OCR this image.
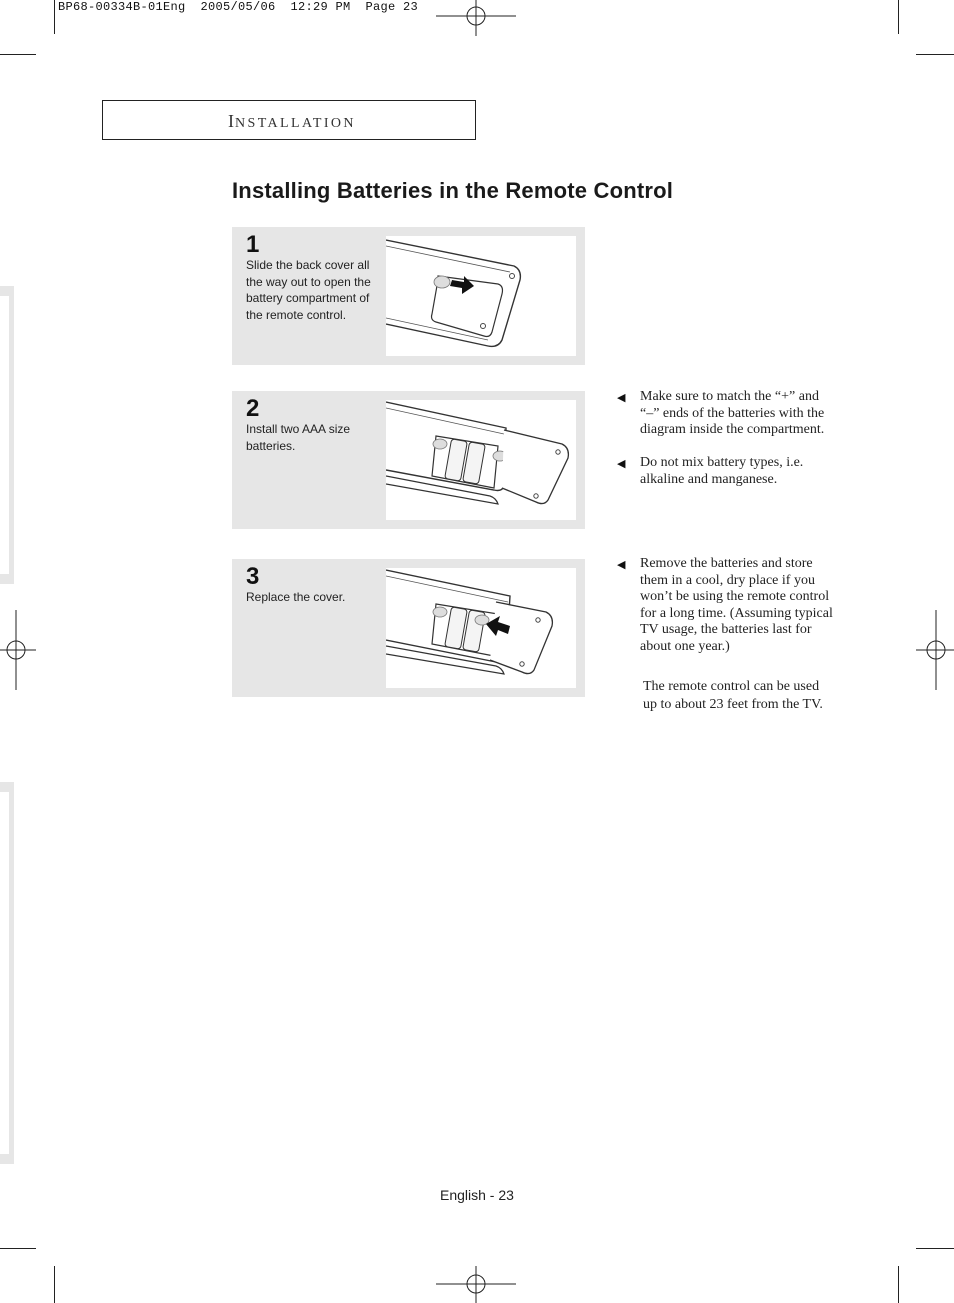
BP68-00334B-01Eng  2005/05/06  12:29 PM  Page 23
INSTALLATION
Installing Batteries in the Remote Control
1
Slide the back cover all
the way out to open the
battery compartment of
the remote control.
2
Install two AAA size
batteries.
3
Replace the cover.
◀ Make sure to match the “+” and
“–” ends of the batteries with the
diagram inside the compartment.
◀ Do not mix battery types, i.e.
alkaline and manganese.
◀ Remove the batteries and store
them in a cool, dry place if you
won’t be using the remote control
for a long time. (Assuming typical
TV usage, the batteries last for
about one year.)
The remote control can be used
up to about 23 feet from the TV.
English - 23
